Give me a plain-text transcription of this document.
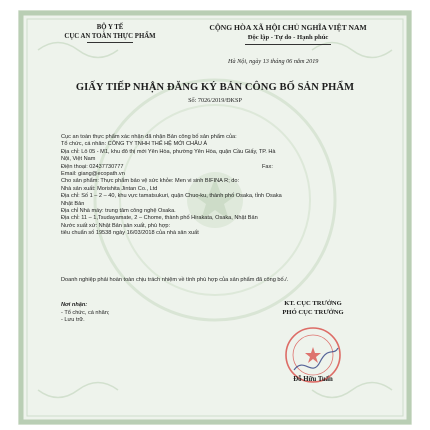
BỘ Y TẾ
CỤC AN TOÀN THỰC PHẨM
CỘNG HÒA XÃ HỘI CHỦ NGHĨA VIỆT NAM
Độc lập - Tự do - Hạnh phúc
Hà Nội, ngày 13 tháng 06 năm 2019
GIẤY TIẾP NHẬN ĐĂNG KÝ BẢN CÔNG BỐ SẢN PHẨM
Số: 7026/2019/ĐKSP
Cục an toàn thực phẩm xác nhận đã nhận Bản công bố sản phẩm của:
Tổ chức, cá nhân: CÔNG TY TNHH THẾ HỆ MỚI CHÂU Á
Địa chỉ: Lô 05 - M1, khu đô thị mới Yên Hòa, phường Yên Hòa, quận Cầu Giấy, TP. Hà
Nội, Việt Nam
Điện thoại: 02437730777	Fax:
Email: giang@ecopath.vn
Cho sản phẩm: Thực phẩm bảo vệ sức khỏe: Men vi sinh BIFINA R; do:
Nhà sản xuất: Morishita Jintan Co., Ltd
Địa chỉ: Số 1 – 2 – 40, khu vực tamatsukuri, quận Chuo-ku, thành phố Osaka, tỉnh Osaka
Nhật Bản
Địa chỉ Nhà máy: trung tâm công nghệ Osaka.
Địa chỉ: 11 – 1,Tsudayamate, 2 – Chome, thành phố Hirakata, Osaka, Nhật Bản
Nước xuất xứ: Nhật Bản sản xuất, phù hợp:
tiêu chuẩn số 19538 ngày 16/03/2018 của nhà sản xuất
Doanh nghiệp phải hoàn toàn chịu trách nhiệm về tính phù hợp của sản phẩm đã công bố./.
Nơi nhận:
- Tổ chức, cá nhân;
- Lưu trữ.
KT. CỤC TRƯỞNG
PHÓ CỤC TRƯỞNG
Đỗ Hữu Tuấn
